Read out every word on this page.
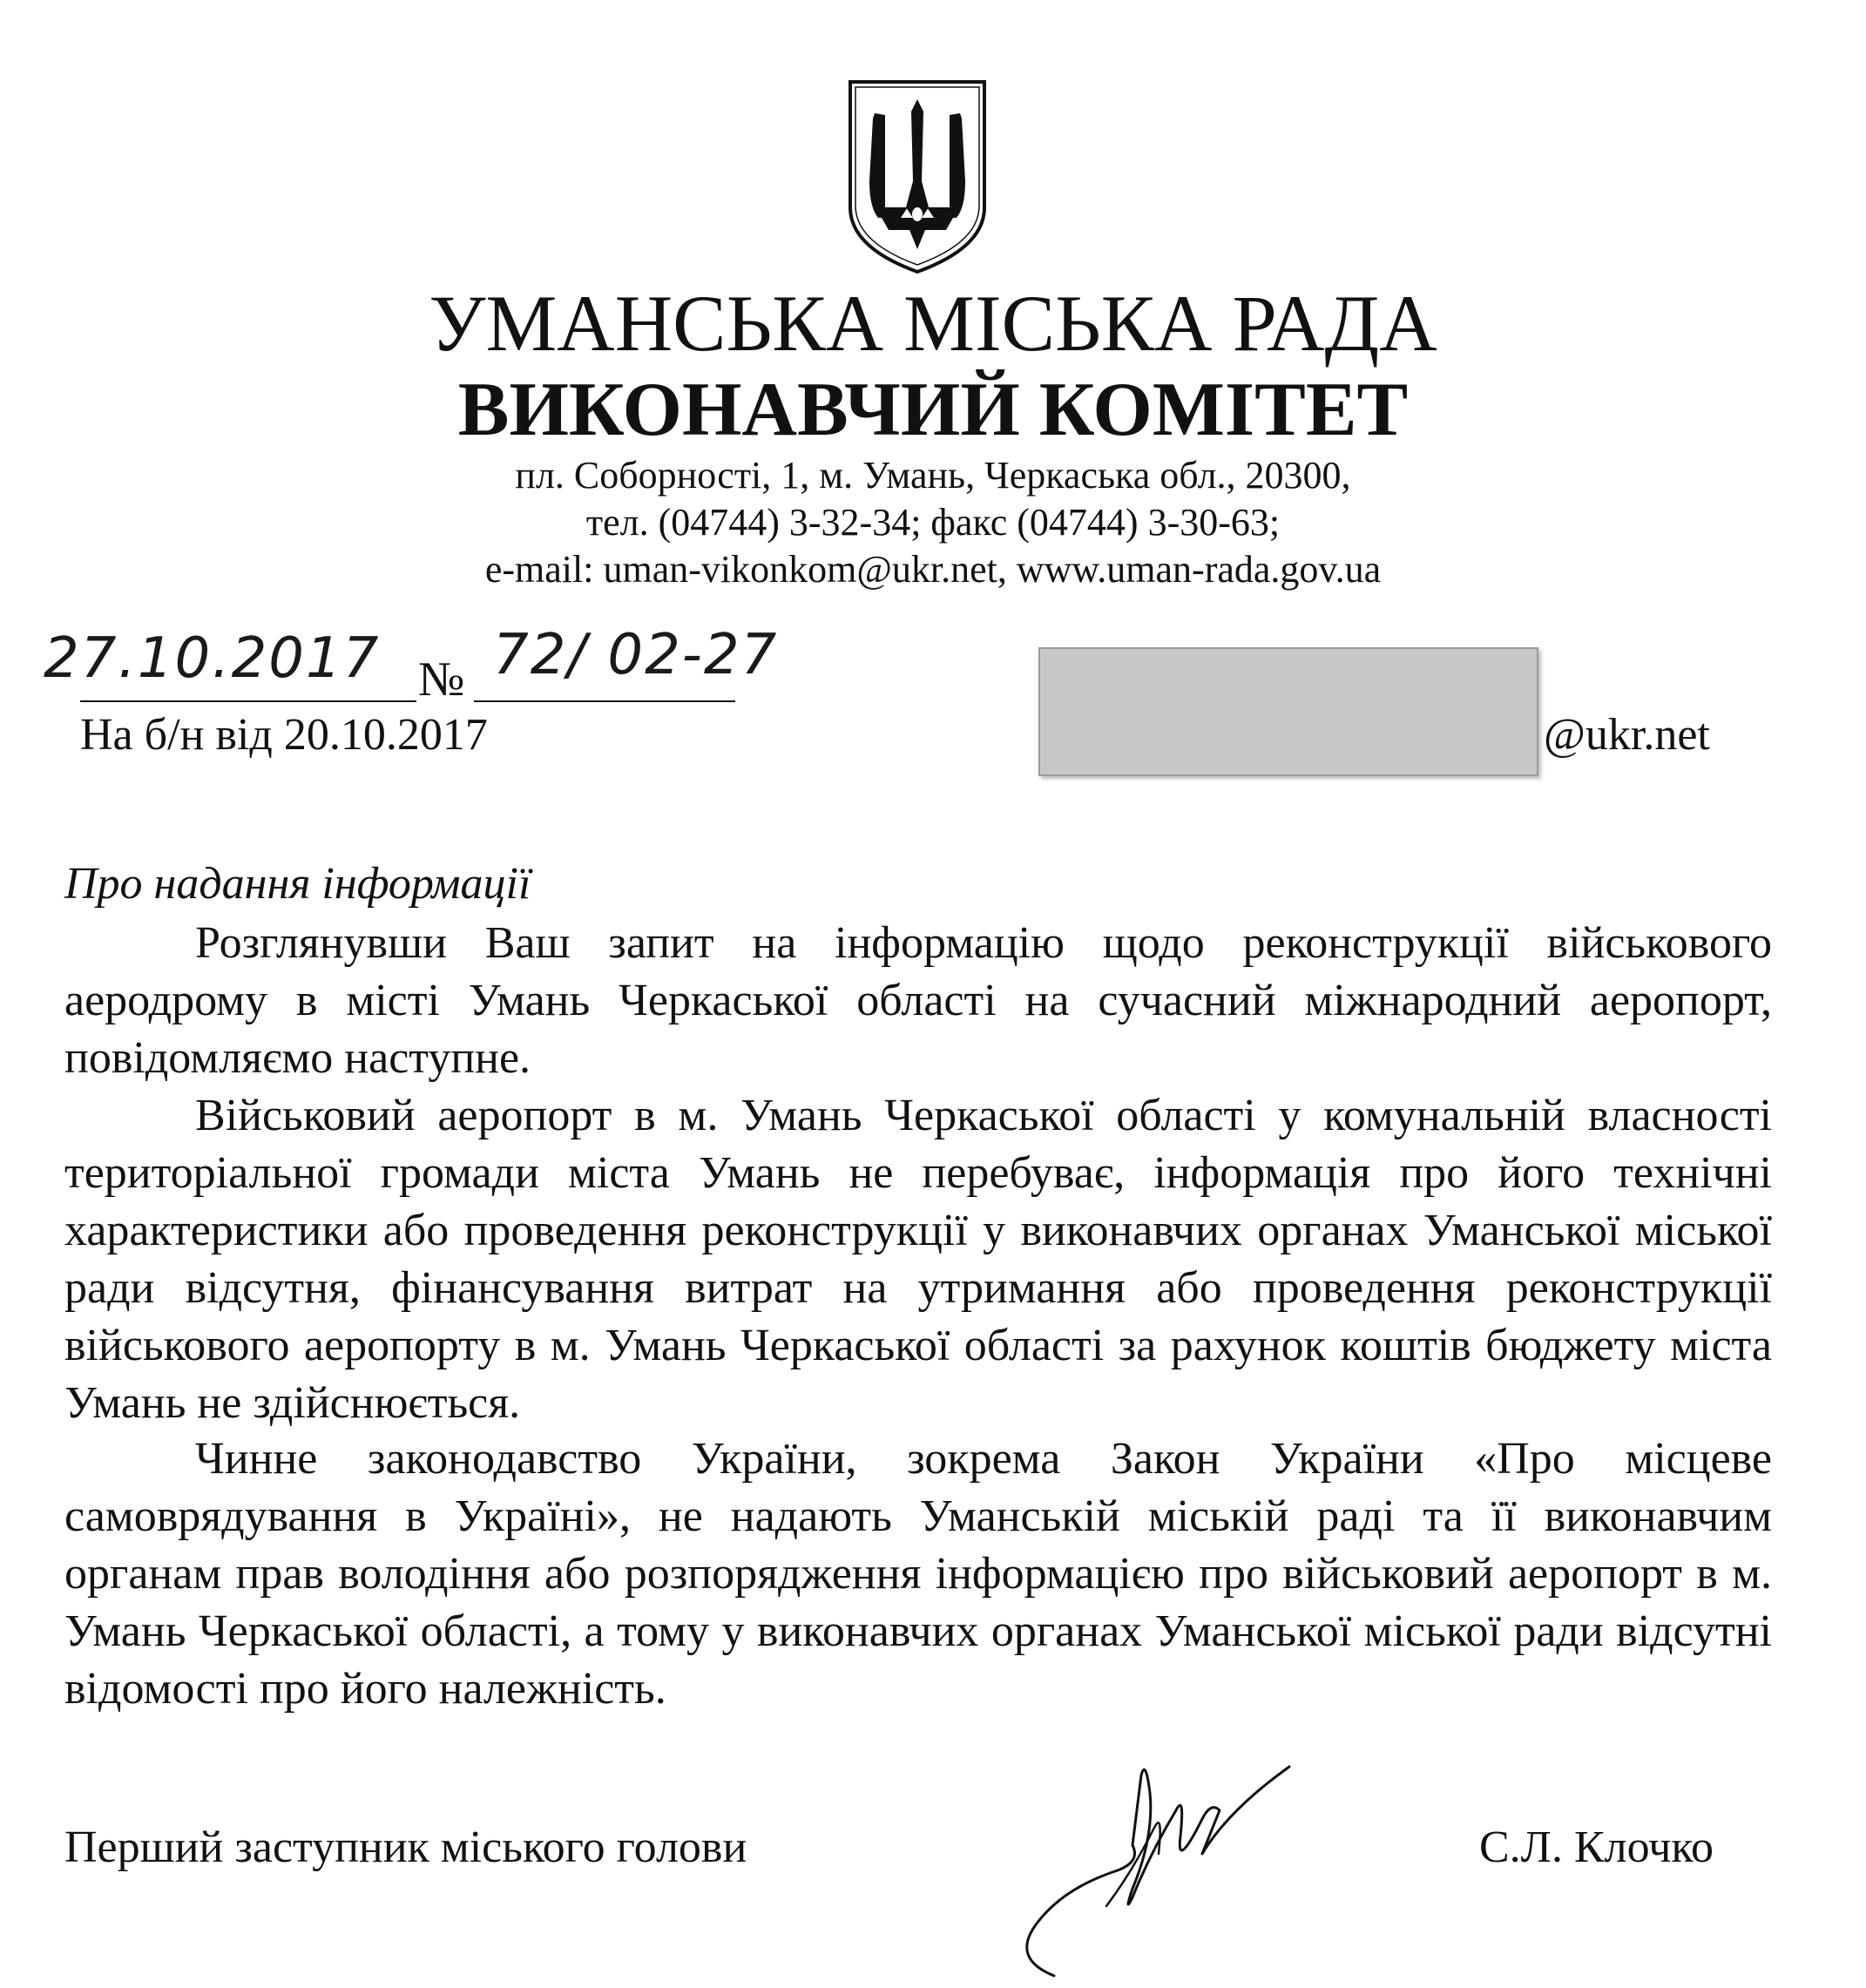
УМАНСЬКА МІСЬКА РАДА
ВИКОНАВЧИЙ КОМІТЕТ
пл. Соборності, 1, м. Умань, Черкаська обл., 20300,
тел. (04744) 3-32-34; факс (04744) 3-30-63;
e-mail: uman-vikonkom@ukr.net, www.uman-rada.gov.ua
27.10.2017 № 72/ 02-27
На б/н від 20.10.2017	@ukr.net
Про надання інформації
Розглянувши Ваш запит на інформацію щодо реконструкції військового аеродрому в місті Умань Черкаської області на сучасний міжнародний аеропорт, повідомляємо наступне.
Військовий аеропорт в м. Умань Черкаської області у комунальній власності територіальної громади міста Умань не перебуває, інформація про його технічні характеристики або проведення реконструкції у виконавчих органах Уманської міської ради відсутня, фінансування витрат на утримання або проведення реконструкції військового аеропорту в м. Умань Черкаської області за рахунок коштів бюджету міста Умань не здійснюється.
Чинне законодавство України, зокрема Закон України «Про місцеве самоврядування в Україні», не надають Уманській міській раді та її виконавчим органам прав володіння або розпорядження інформацією про військовий аеропорт в м. Умань Черкаської області, а тому у виконавчих органах Уманської міської ради відсутні відомості про його належність.
Перший заступник міського голови	С.Л. Клочко
